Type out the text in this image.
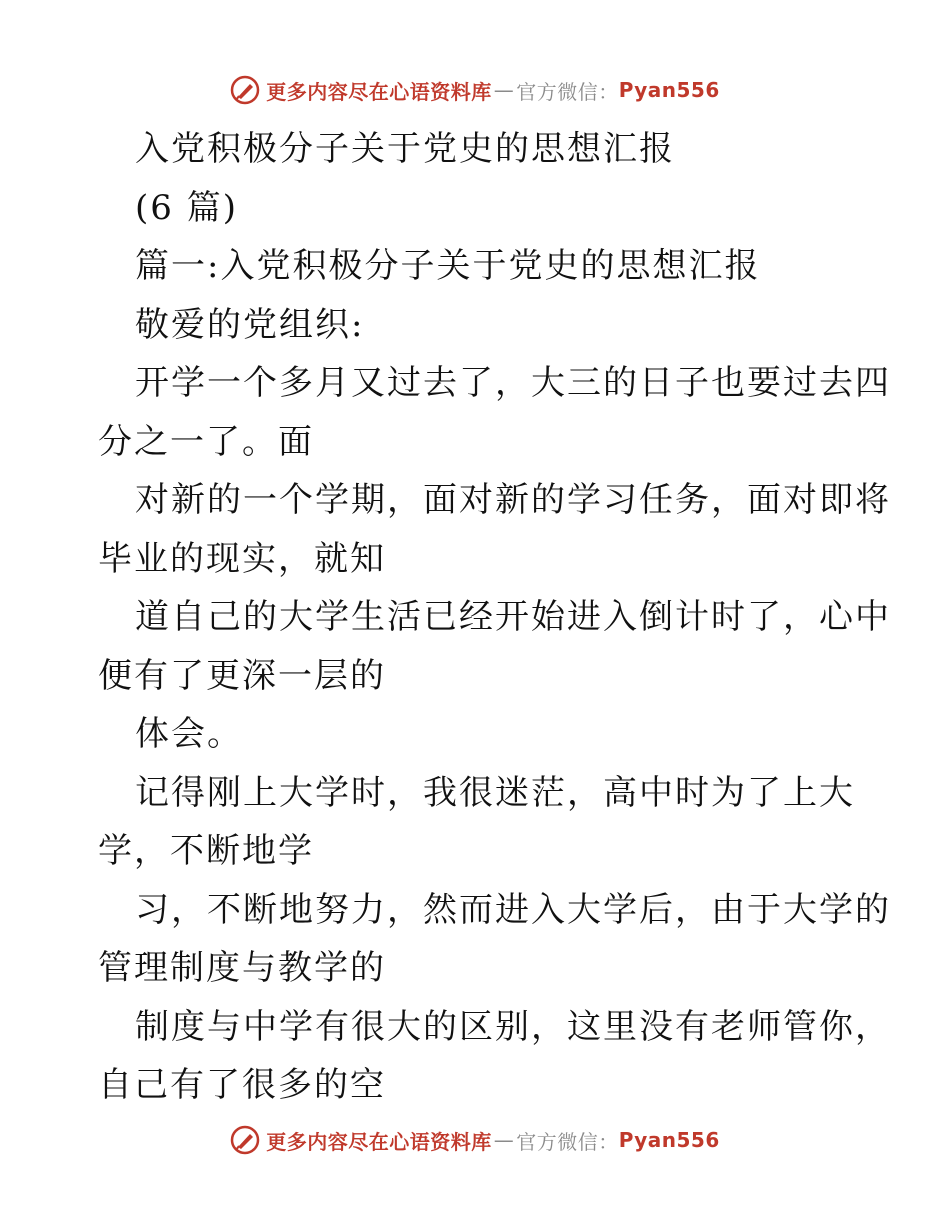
更多内容尽在心语资料库 — 官方微信： Pyan556
入党积极分子关于党史的思想汇报
(6 篇)
篇一:入党积极分子关于党史的思想汇报
敬爱的党组织:
开学一个多月又过去了，大三的日子也要过去四
分之一了。面
对新的一个学期，面对新的学习任务，面对即将
毕业的现实，就知
道自己的大学生活已经开始进入倒计时了，心中
便有了更深一层的
体会。
记得刚上大学时，我很迷茫，高中时为了上大
学，不断地学
习，不断地努力，然而进入大学后，由于大学的
管理制度与教学的
制度与中学有很大的区别，这里没有老师管你，
自己有了很多的空
更多内容尽在心语资料库 — 官方微信： Pyan556
